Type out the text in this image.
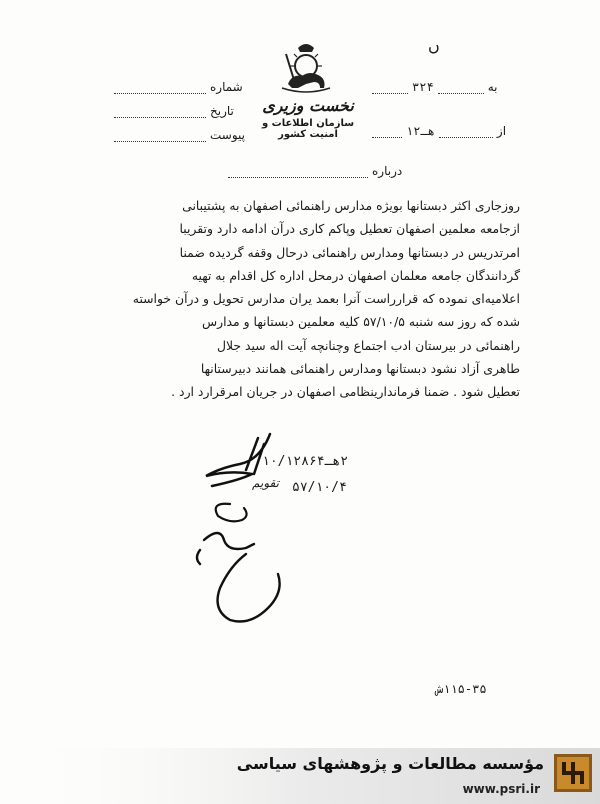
ں
نخست وزیری
سازمان اطلاعات و امنیت کشور
شماره
تاریخ
پیوست
۳۲۴	به
۱هـ۲	از
درباره

روزجاری اکثر دبستانها بویژه مدارس راهنمائی اصفهان به پشتیبانی

ازجامعه معلمین اصفهان تعطیل وپاکم کاری درآن ادامه دارد وتقریبا

امرتدریس در دبستانها ومدارس راهنمائی درحال وقفه گردیده ضمنا

گردانندگان جامعه معلمان اصفهان درمحل اداره کل اقدام به تهیه

اعلامیه‌ای نموده که قرارراست آنرا بعمد یران مدارس تحویل و درآن خواسته

شده که روز سه شنبه ۵۷/۱۰/۵ کلیه معلمین دبستانها و مدارس

راهنمائی در بیرستان ادب اجتماع وچنانچه آیت اله سید جلال

طاهری آزاد نشود دبستانها ومدارس راهنمائی همانند دبیرستانها

تعطیل شود . ضمنا فرماندارینظامی اصفهان در جریان امرقرارد ارد .

۲هـ۱۰/۱۲۸۶۴
۵۷/۱۰/۴
تقویم
۱۱۵-۳۵ش
مؤسسه مطالعات و پژوهشهای سیاسی
www.psri.ir
